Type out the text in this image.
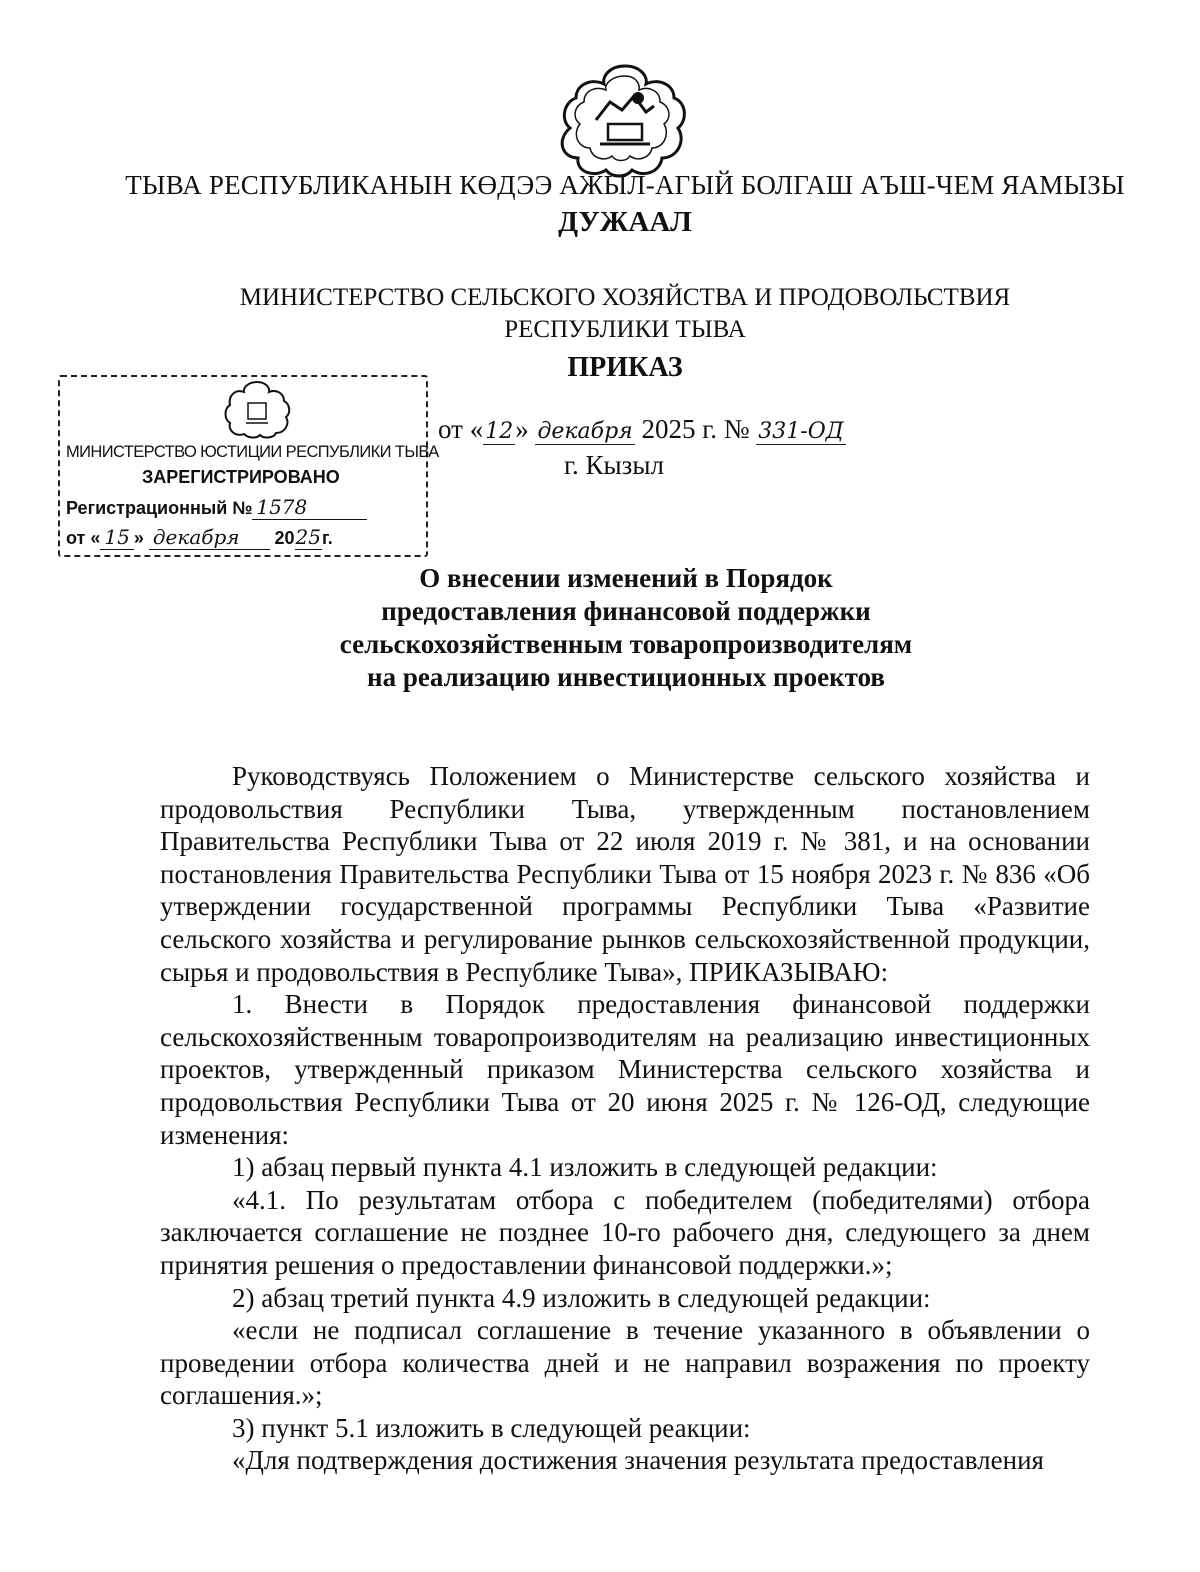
ТЫВА РЕСПУБЛИКАНЫН КӨДЭЭ АЖЫЛ-АГЫЙ БОЛГАШ АЪШ-ЧЕМ ЯАМЫЗЫ
ДУЖААЛ
МИНИСТЕРСТВО СЕЛЬСКОГО ХОЗЯЙСТВА И ПРОДОВОЛЬСТВИЯ
РЕСПУБЛИКИ ТЫВА
ПРИКАЗ
МИНИСТЕРСТВО ЮСТИЦИИ РЕСПУБЛИКИ ТЫВА
ЗАРЕГИСТРИРОВАНО
Регистрационный № 1578
от « 15 » декабря 2025г.
от «12» декабря 2025 г. № 331-ОД
г. Кызыл
О внесении изменений в Порядок
предоставления финансовой поддержки
сельскохозяйственным товаропроизводителям
на реализацию инвестиционных проектов

Руководствуясь Положением о Министерстве сельского хозяйства и продовольствия Республики Тыва, утвержденным постановлением Правительства Республики Тыва от 22 июля 2019 г. № 381, и на основании постановления Правительства Республики Тыва от 15 ноября 2023 г. № 836 «Об утверждении государственной программы Республики Тыва «Развитие сельского хозяйства и регулирование рынков сельскохозяйственной продукции, сырья и продовольствия в Республике Тыва», ПРИКАЗЫВАЮ:

1. Внести в Порядок предоставления финансовой поддержки сельскохозяйственным товаропроизводителям на реализацию инвестиционных проектов, утвержденный приказом Министерства сельского хозяйства и продовольствия Республики Тыва от 20 июня 2025 г. № 126-ОД, следующие изменения:

1) абзац первый пункта 4.1 изложить в следующей редакции:

«4.1. По результатам отбора с победителем (победителями) отбора заключается соглашение не позднее 10-го рабочего дня, следующего за днем принятия решения о предоставлении финансовой поддержки.»;

2) абзац третий пункта 4.9 изложить в следующей редакции:

«если не подписал соглашение в течение указанного в объявлении о проведении отбора количества дней и не направил возражения по проекту соглашения.»;

3) пункт 5.1 изложить в следующей реакции:

«Для подтверждения достижения значения результата предоставления
